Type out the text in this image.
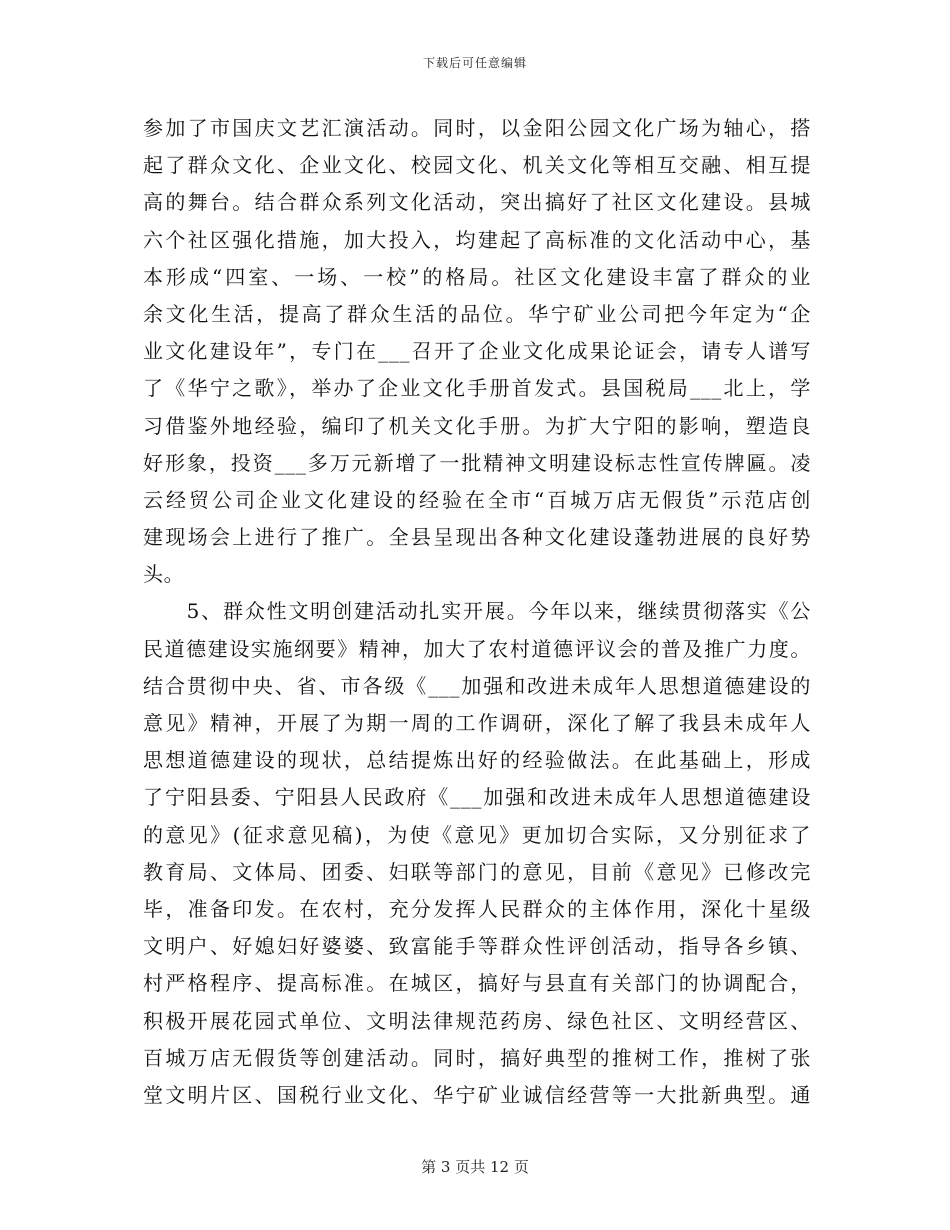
下载后可任意编辑
参加了市国庆文艺汇演活动。同时，以金阳公园文化广场为轴心，搭
起了群众文化、企业文化、校园文化、机关文化等相互交融、相互提
高的舞台。结合群众系列文化活动，突出搞好了社区文化建设。县城
六个社区强化措施，加大投入，均建起了高标准的文化活动中心，基
本形成“四室、一场、一校”的格局。社区文化建设丰富了群众的业
余文化生活，提高了群众生活的品位。华宁矿业公司把今年定为“企
业文化建设年”，专门在___召开了企业文化成果论证会，请专人谱写
了《华宁之歌》，举办了企业文化手册首发式。县国税局___北上，学
习借鉴外地经验，编印了机关文化手册。为扩大宁阳的影响，塑造良
好形象，投资___多万元新增了一批精神文明建设标志性宣传牌匾。凌
云经贸公司企业文化建设的经验在全市“百城万店无假货”示范店创
建现场会上进行了推广。全县呈现出各种文化建设蓬勃进展的良好势
头。
　　5、群众性文明创建活动扎实开展。今年以来，继续贯彻落实《公
民道德建设实施纲要》精神，加大了农村道德评议会的普及推广力度。
结合贯彻中央、省、市各级《___加强和改进未成年人思想道德建设的
意见》精神，开展了为期一周的工作调研，深化了解了我县未成年人
思想道德建设的现状，总结提炼出好的经验做法。在此基础上，形成
了宁阳县委、宁阳县人民政府《___加强和改进未成年人思想道德建设
的意见》(征求意见稿)，为使《意见》更加切合实际，又分别征求了
教育局、文体局、团委、妇联等部门的意见，目前《意见》已修改完
毕，准备印发。在农村，充分发挥人民群众的主体作用，深化十星级
文明户、好媳妇好婆婆、致富能手等群众性评创活动，指导各乡镇、
村严格程序、提高标准。在城区，搞好与县直有关部门的协调配合，
积极开展花园式单位、文明法律规范药房、绿色社区、文明经营区、
百城万店无假货等创建活动。同时，搞好典型的推树工作，推树了张
堂文明片区、国税行业文化、华宁矿业诚信经营等一大批新典型。通
第 3 页共 12 页
